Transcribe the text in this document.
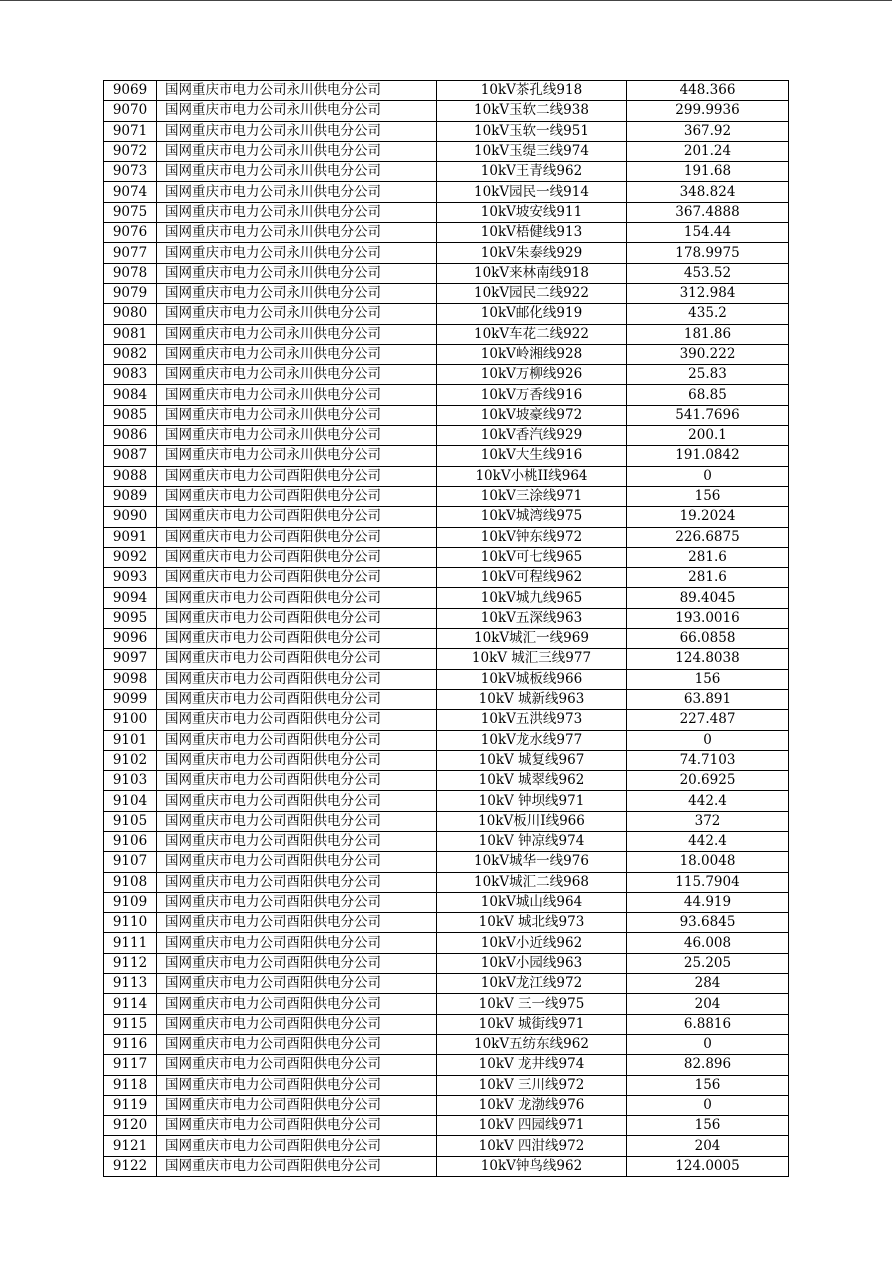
9069	国网重庆市电力公司永川供电分公司	10kV茶孔线918	448.366
9070	国网重庆市电力公司永川供电分公司	10kV玉软二线938	299.9936
9071	国网重庆市电力公司永川供电分公司	10kV玉软一线951	367.92
9072	国网重庆市电力公司永川供电分公司	10kV玉缇三线974	201.24
9073	国网重庆市电力公司永川供电分公司	10kV王青线962	191.68
9074	国网重庆市电力公司永川供电分公司	10kV园民一线914	348.824
9075	国网重庆市电力公司永川供电分公司	10kV坡安线911	367.4888
9076	国网重庆市电力公司永川供电分公司	10kV梧健线913	154.44
9077	国网重庆市电力公司永川供电分公司	10kV朱泰线929	178.9975
9078	国网重庆市电力公司永川供电分公司	10kV来林南线918	453.52
9079	国网重庆市电力公司永川供电分公司	10kV园民二线922	312.984
9080	国网重庆市电力公司永川供电分公司	10kV邮化线919	435.2
9081	国网重庆市电力公司永川供电分公司	10kV车花二线922	181.86
9082	国网重庆市电力公司永川供电分公司	10kV岭湘线928	390.222
9083	国网重庆市电力公司永川供电分公司	10kV万柳线926	25.83
9084	国网重庆市电力公司永川供电分公司	10kV万香线916	68.85
9085	国网重庆市电力公司永川供电分公司	10kV坡豪线972	541.7696
9086	国网重庆市电力公司永川供电分公司	10kV香汽线929	200.1
9087	国网重庆市电力公司永川供电分公司	10kV大生线916	191.0842
9088	国网重庆市电力公司酉阳供电分公司	10kV小桃II线964	0
9089	国网重庆市电力公司酉阳供电分公司	10kV三涂线971	156
9090	国网重庆市电力公司酉阳供电分公司	10kV城湾线975	19.2024
9091	国网重庆市电力公司酉阳供电分公司	10kV钟东线972	226.6875
9092	国网重庆市电力公司酉阳供电分公司	10kV可七线965	281.6
9093	国网重庆市电力公司酉阳供电分公司	10kV可程线962	281.6
9094	国网重庆市电力公司酉阳供电分公司	10kV城九线965	89.4045
9095	国网重庆市电力公司酉阳供电分公司	10kV五深线963	193.0016
9096	国网重庆市电力公司酉阳供电分公司	10kV城汇一线969	66.0858
9097	国网重庆市电力公司酉阳供电分公司	10kV 城汇三线977	124.8038
9098	国网重庆市电力公司酉阳供电分公司	10kV城板线966	156
9099	国网重庆市电力公司酉阳供电分公司	10kV 城新线963	63.891
9100	国网重庆市电力公司酉阳供电分公司	10kV五洪线973	227.487
9101	国网重庆市电力公司酉阳供电分公司	10kV龙水线977	0
9102	国网重庆市电力公司酉阳供电分公司	10kV 城复线967	74.7103
9103	国网重庆市电力公司酉阳供电分公司	10kV 城翠线962	20.6925
9104	国网重庆市电力公司酉阳供电分公司	10kV 钟坝线971	442.4
9105	国网重庆市电力公司酉阳供电分公司	10kV板川I线966	372
9106	国网重庆市电力公司酉阳供电分公司	10kV 钟凉线974	442.4
9107	国网重庆市电力公司酉阳供电分公司	10kV城华一线976	18.0048
9108	国网重庆市电力公司酉阳供电分公司	10kV城汇二线968	115.7904
9109	国网重庆市电力公司酉阳供电分公司	10kV城山线964	44.919
9110	国网重庆市电力公司酉阳供电分公司	10kV 城北线973	93.6845
9111	国网重庆市电力公司酉阳供电分公司	10kV小近线962	46.008
9112	国网重庆市电力公司酉阳供电分公司	10kV小园线963	25.205
9113	国网重庆市电力公司酉阳供电分公司	10kV龙江线972	284
9114	国网重庆市电力公司酉阳供电分公司	10kV 三一线975	204
9115	国网重庆市电力公司酉阳供电分公司	10kV 城街线971	6.8816
9116	国网重庆市电力公司酉阳供电分公司	10kV五纺东线962	0
9117	国网重庆市电力公司酉阳供电分公司	10kV 龙井线974	82.896
9118	国网重庆市电力公司酉阳供电分公司	10kV 三川线972	156
9119	国网重庆市电力公司酉阳供电分公司	10kV 龙渤线976	0
9120	国网重庆市电力公司酉阳供电分公司	10kV 四园线971	156
9121	国网重庆市电力公司酉阳供电分公司	10kV 四泔线972	204
9122	国网重庆市电力公司酉阳供电分公司	10kV钟鸟线962	124.0005
